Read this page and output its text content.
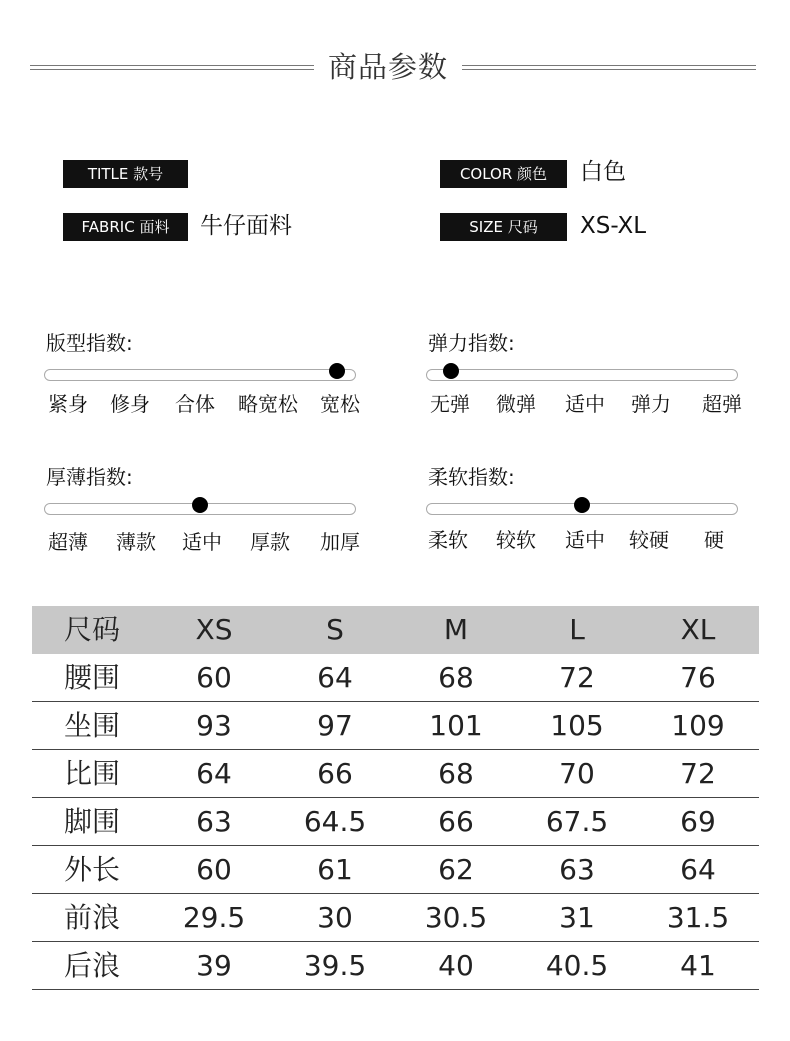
商品参数
TITLE 款号	COLOR 颜色	白色
FABRIC 面料	牛仔面料	SIZE 尺码	XS-XL
版型指数:
紧身 修身 合体 略宽松 宽松
弹力指数:
无弹 微弹 适中 弹力 超弹
厚薄指数:
超薄 薄款 适中 厚款 加厚
柔软指数:
柔软 较软 适中 较硬 硬
尺码	XS	S	M	L	XL
腰围	60	64	68	72	76
坐围	93	97	101 105 109
比围	64	66	68	70	72
脚围	63	64.5	66	67.5	69
外长	60	61	62	63	64
前浪 29.5	30	30.5	31	31.5
后浪	39	39.5	40	40.5	41
